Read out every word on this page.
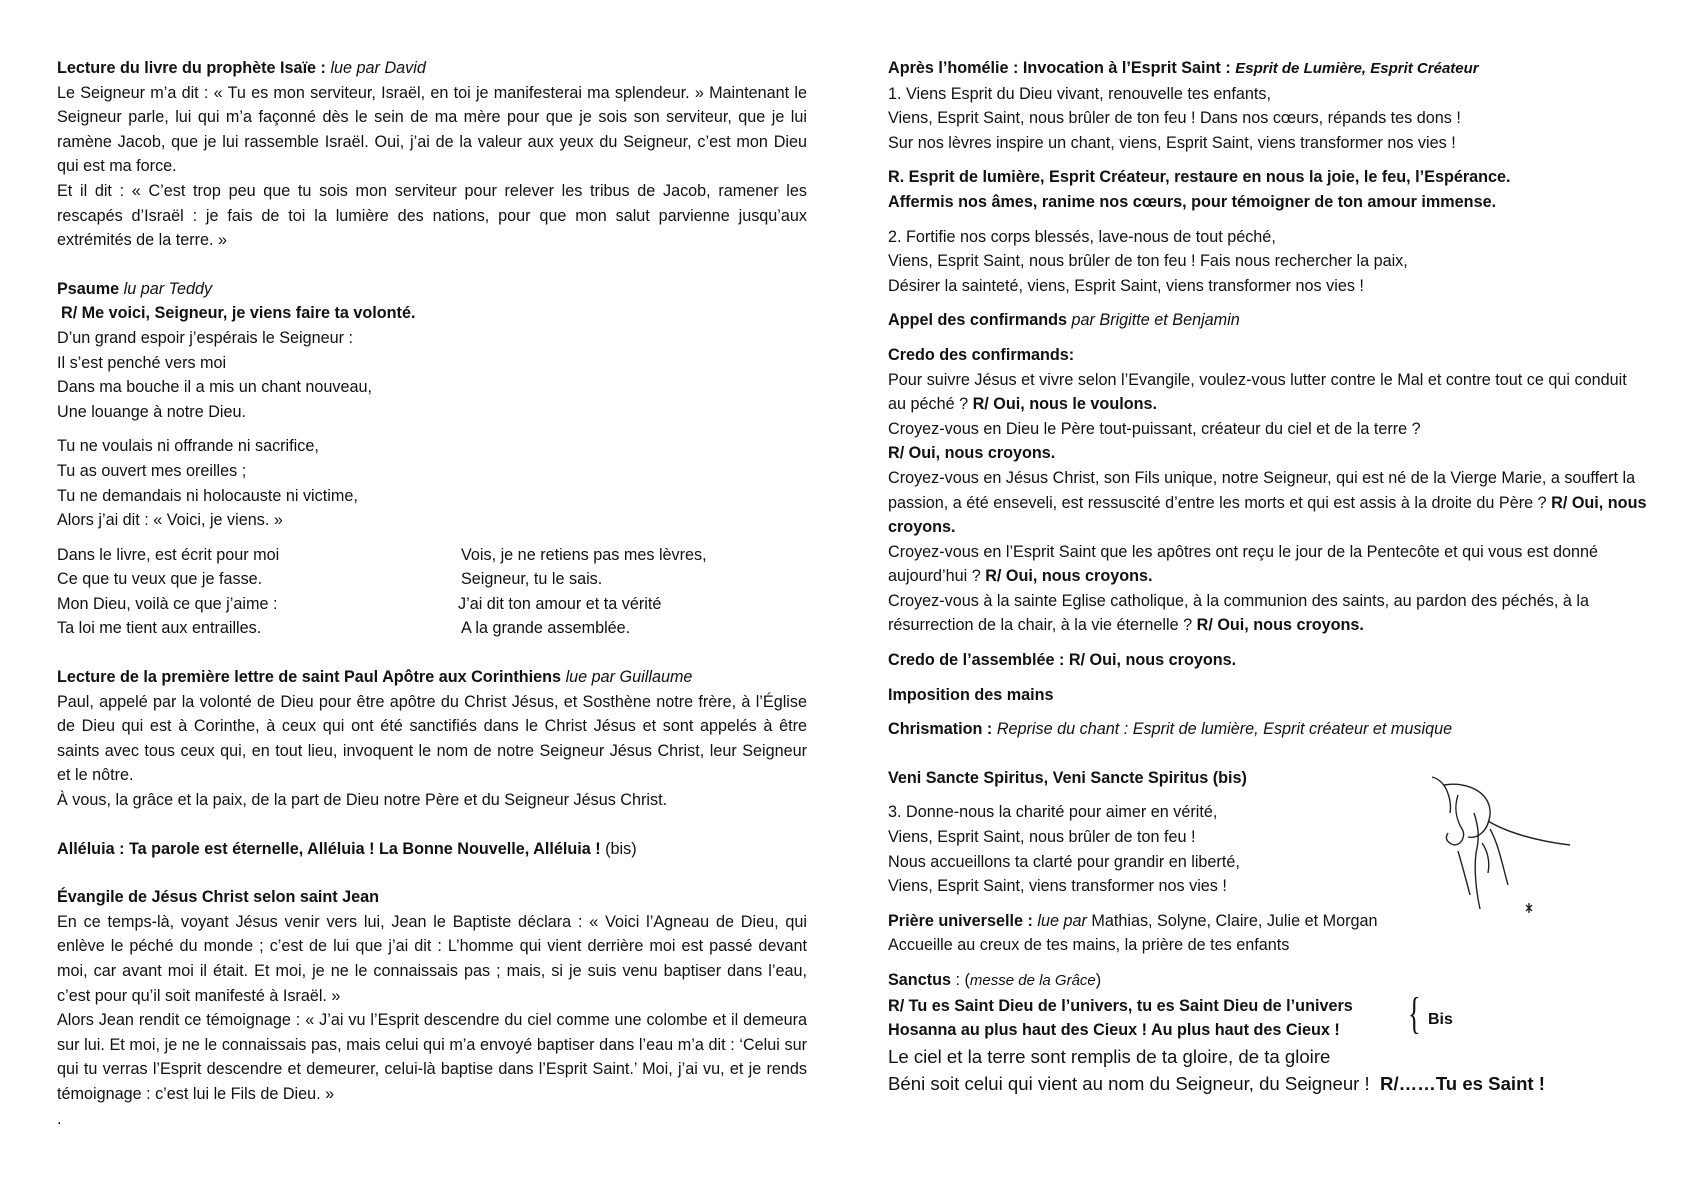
Lecture du livre du prophète Isaïe : lue par David

Le Seigneur m’a dit : « Tu es mon serviteur, Israël, en toi je manifesterai ma splendeur. » Maintenant le Seigneur parle, lui qui m’a façonné dès le sein de ma mère pour que je sois son serviteur, que je lui ramène Jacob, que je lui rassemble Israël. Oui, j’ai de la valeur aux yeux du Seigneur, c’est mon Dieu qui est ma force.

Et il dit : « C’est trop peu que tu sois mon serviteur pour relever les tribus de Jacob, ramener les rescapés d’Israël : je fais de toi la lumière des nations, pour que mon salut parvienne jusqu’aux extrémités de la terre. »

Psaume lu par Teddy

R/ Me voici, Seigneur, je viens faire ta volonté.

D’un grand espoir j’espérais le Seigneur :

Il s’est penché vers moi

Dans ma bouche il a mis un chant nouveau,

Une louange à notre Dieu.

Tu ne voulais ni offrande ni sacrifice,

Tu as ouvert mes oreilles ;

Tu ne demandais ni holocauste ni victime,

Alors j’ai dit : « Voici, je viens. »

Dans le livre, est écrit pour moi

Ce que tu veux que je fasse.

Mon Dieu, voilà ce que j’aime :

Ta loi me tient aux entrailles.

Vois, je ne retiens pas mes lèvres,

Seigneur, tu le sais.

J’ai dit ton amour et ta vérité

A la grande assemblée.

Lecture de la première lettre de saint Paul Apôtre aux Corinthiens lue par Guillaume

Paul, appelé par la volonté de Dieu pour être apôtre du Christ Jésus, et Sosthène notre frère, à l’Église de Dieu qui est à Corinthe, à ceux qui ont été sanctifiés dans le Christ Jésus et sont appelés à être saints avec tous ceux qui, en tout lieu, invoquent le nom de notre Seigneur Jésus Christ, leur Seigneur et le nôtre.

À vous, la grâce et la paix, de la part de Dieu notre Père et du Seigneur Jésus Christ.

Alléluia : Ta parole est éternelle, Alléluia ! La Bonne Nouvelle, Alléluia ! (bis)

Évangile de Jésus Christ selon saint Jean

En ce temps-là, voyant Jésus venir vers lui, Jean le Baptiste déclara : « Voici l’Agneau de Dieu, qui enlève le péché du monde ; c’est de lui que j’ai dit : L’homme qui vient derrière moi est passé devant moi, car avant moi il était. Et moi, je ne le connaissais pas ; mais, si je suis venu baptiser dans l’eau, c’est pour qu’il soit manifesté à Israël. »

Alors Jean rendit ce témoignage : « J’ai vu l’Esprit descendre du ciel comme une colombe et il demeura sur lui. Et moi, je ne le connaissais pas, mais celui qui m’a envoyé baptiser dans l’eau m’a dit : ‘Celui sur qui tu verras l’Esprit descendre et demeurer, celui-là baptise dans l’Esprit Saint.’ Moi, j’ai vu, et je rends témoignage : c’est lui le Fils de Dieu. »

.

Après l’homélie : Invocation à l’Esprit Saint : Esprit de Lumière, Esprit Créateur

1. Viens Esprit du Dieu vivant, renouvelle tes enfants,

Viens, Esprit Saint, nous brûler de ton feu ! Dans nos cœurs, répands tes dons !

Sur nos lèvres inspire un chant, viens, Esprit Saint, viens transformer nos vies !

R. Esprit de lumière, Esprit Créateur, restaure en nous la joie, le feu, l’Espérance.

Affermis nos âmes, ranime nos cœurs, pour témoigner de ton amour immense.

2. Fortifie nos corps blessés, lave-nous de tout péché,

Viens, Esprit Saint, nous brûler de ton feu ! Fais nous rechercher la paix,

Désirer la sainteté, viens, Esprit Saint, viens transformer nos vies !

Appel des confirmands par Brigitte et Benjamin

Credo des confirmands:

Pour suivre Jésus et vivre selon l’Evangile, voulez-vous lutter contre le Mal et contre tout ce qui conduit au péché ? R/ Oui, nous le voulons.

Croyez-vous en Dieu le Père tout-puissant, créateur du ciel et de la terre ?

R/ Oui, nous croyons.

Croyez-vous en Jésus Christ, son Fils unique, notre Seigneur, qui est né de la Vierge Marie, a souffert la passion, a été enseveli, est ressuscité d’entre les morts et qui est assis à la droite du Père ? R/ Oui, nous croyons.

Croyez-vous en l’Esprit Saint que les apôtres ont reçu le jour de la Pentecôte et qui vous est donné aujourd’hui ? R/ Oui, nous croyons.

Croyez-vous à la sainte Eglise catholique, à la communion des saints, au pardon des péchés, à la résurrection de la chair, à la vie éternelle ? R/ Oui, nous croyons.

Credo de l’assemblée : R/ Oui, nous croyons.

Imposition des mains

Chrismation : Reprise du chant : Esprit de lumière, Esprit créateur et musique

Veni Sancte Spiritus, Veni Sancte Spiritus (bis)

3. Donne-nous la charité pour aimer en vérité,

Viens, Esprit Saint, nous brûler de ton feu !

Nous accueillons ta clarté pour grandir en liberté,

Viens, Esprit Saint, viens transformer nos vies !

Prière universelle : lue par Mathias, Solyne, Claire, Julie et Morgan

Accueille au creux de tes mains, la prière de tes enfants

Sanctus : (messe de la Grâce)

R/ Tu es Saint Dieu de l’univers, tu es Saint Dieu de l’univers

Hosanna au plus haut des Cieux ! Au plus haut des Cieux !	{ Bis

Le ciel et la terre sont remplis de ta gloire, de ta gloire

Béni soit celui qui vient au nom du Seigneur, du Seigneur ! R/……Tu es Saint !
